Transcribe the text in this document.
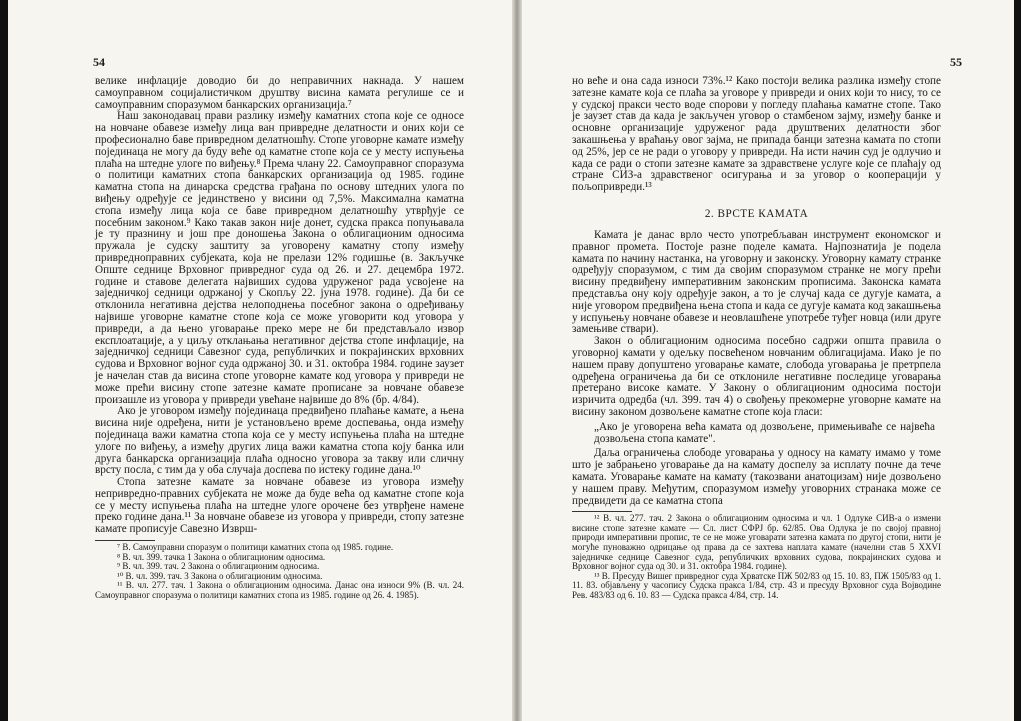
54

велике инфлације доводио би до неправичних накнада. У нашем самоуправном социјалистичком друштву висина камата регулише се и самоуправним споразумом банкарских организација.⁷

Наш законодавац прави разлику између каматних стопа које се односе на новчане обавезе између лица ван привредне делатности и оних који се професионално баве привредном делатношћу. Стопе уговорне камате између појединаца не могу да буду веће од каматне стопе која се у месту испуњења плаћа на штедне улоге по виђењу.⁸ Према члану 22. Самоуправног споразума о политици каматних стопа банкарских организација од 1985. године каматна стопа на динарска средства грађана по основу штедних улога по виђењу одређује се јединствено у висини од 7,5%. Максимална каматна стопа између лица која се баве привредном делатношћу утврђује се посебним законом.⁹ Како такав закон није донет, судска пракса попуњавала је ту празнину и још пре доношења Закона о облигационим односима пружала је судску заштиту за уговорену каматну стопу између привредноправних субјеката, која не прелази 12% годишње (в. Закључке Опште седнице Врховног привредног суда од 26. и 27. децембра 1972. године и ставове делегата највиших судова удруженог рада усвојене на заједничкој седници одржаној у Скопљу 22. јуна 1978. године). Да би се отклонила негативна дејства нелоподнења посебног закона о одређивању највише уговорне каматне стопе која се може уговорити код уговора у привреди, а да њено уговарање преко мере не би представљало извор експлоатације, а у циљу отклањања негативног дејства стопе инфлације, на заједничкој седници Савезног суда, републичких и покрајинских врховних судова и Врховног војног суда одржаној 30. и 31. октобра 1984. године заузет је начелан став да висина стопе уговорне камате код уговора у привреди не може прећи висину стопе затезне камате прописане за новчане обавезе произашле из уговора у привреди увећане највише до 8% (бр. 4/84).

Ако је уговором између појединаца предвиђено плаћање камате, а њена висина није одређена, нити је установљено време доспевања, онда између појединаца важи каматна стопа која се у месту испуњења плаћа на штедне улоге по виђењу, а између других лица важи каматна стопа коју банка или друга банкарска организација плаћа односно уговора за такву или сличну врсту посла, с тим да у оба случаја доспева по истеку године дана.¹⁰

Стопа затезне камате за новчане обавезе из уговора између непривредно-правних субјеката не може да буде већа од каматне стопе која се у месту испуњења плаћа на штедне улоге орочене без утврђене намене преко године дана.¹¹ За новчане обавезе из уговора у привреди, стопу затезне камате прописује Савезно Изврш-

⁷ В. Самоуправни споразум о политици каматних стопа од 1985. године.

⁸ В. чл. 399. тачка 1 Закона о облигационим односима.

⁹ В. чл. 399. тач. 2 Закона о облигационим односима.

¹⁰ В. чл. 399. тач. 3 Закона о облигационим односима.

¹¹ В. чл. 277. тач. 1 Закона о облигационим односима. Данас она износи 9% (В. чл. 24. Самоуправног споразума о политици каматних стопа из 1985. године од 26. 4. 1985).

55

но веће и она сада износи 73%.¹² Како постоји велика разлика између стопе затезне камате која се плаћа за уговоре у привреди и оних који то нису, то се у судској пракси често воде спорови у погледу плаћања каматне стопе. Тако је заузет став да када је закључен уговор о стамбеном зајму, између банке и основне организације удруженог рада друштвених делатности због закашњења у враћању овог зајма, не припада банци затезна камата по стопи од 25%, јер се не ради о уговору у привреди. На исти начин суд је одлучио и када се ради о стопи затезне камате за здравствене услуге које се плаћају од стране СИЗ-а здравственог осигурања и за уговор о кооперацији у пољопривреди.¹³

2. ВРСТЕ КАМАТА

Камата је данас врло често употребљаван инструмент економског и правног промета. Постоје разне поделе камата. Најпознатија је подела камата по начину настанка, на уговорну и законску. Уговорну камату странке одређују споразумом, с тим да својим споразумом странке не могу прећи висину предвиђену императивним законским прописима. Законска камата представља ону коју одређује закон, а то је случај када се дугује камата, а није уговором предвиђена њена стопа и када се дугује камата код закашњења у испуњењу новчане обавезе и неовлашћене употребе туђег новца (или друге замењиве ствари).

Закон о облигационим односима посебно садржи општа правила о уговорној камати у одељку посвећеном новчаним облигацијама. Иако је по нашем праву допуштено уговарање камате, слобода уговарања је претрпела одређена ограничења да би се отклониле негативне последице уговарања претерано високе камате. У Закону о облигационим односима постоји изричита одредба (чл. 399. тач 4) о свођењу прекомерне уговорне камате на висину законом дозвољене каматне стопе која гласи:

„Ако је уговорена већа камата од дозвољене, примењиваће се највећа дозвољена стопа камате".

Даља ограничења слободе уговарања у односу на камату имамо у томе што је забрањено уговарање да на камату доспелу за исплату почне да тече камата. Уговарање камате на камату (такозвани анатоцизам) није дозвољено у нашем праву. Међутим, споразумом између уговорних странака може се предвидети да се каматна стопа

¹² В. чл. 277. тач. 2 Закона о облигационим односима и чл. 1 Одлуке СИВ-а о измени висине стопе затезне камате — Сл. лист СФРЈ бр. 62/85. Ова Одлука је по својој правној природи императивни пропис, те се не може уговарати затезна камата по другој стопи, нити је могуће пуноважно одрицање од права да се захтева наплата камате (начелни став 5 XXVI заједничке седнице Савезног суда, републичких врховних судова, покрајинских судова и Врховног војног суда од 30. и 31. октобра 1984. године).

¹³ В. Пресуду Вишег привредног суда Хрватске ПЖ 502/83 од 15. 10. 83, ПЖ 1505/83 од 1. 11. 83. објављену у часопису Судска пракса 1/84, стр. 43 и пресуду Врховног суда Војводине Рев. 483/83 од 6. 10. 83 — Судска пракса 4/84, стр. 14.
